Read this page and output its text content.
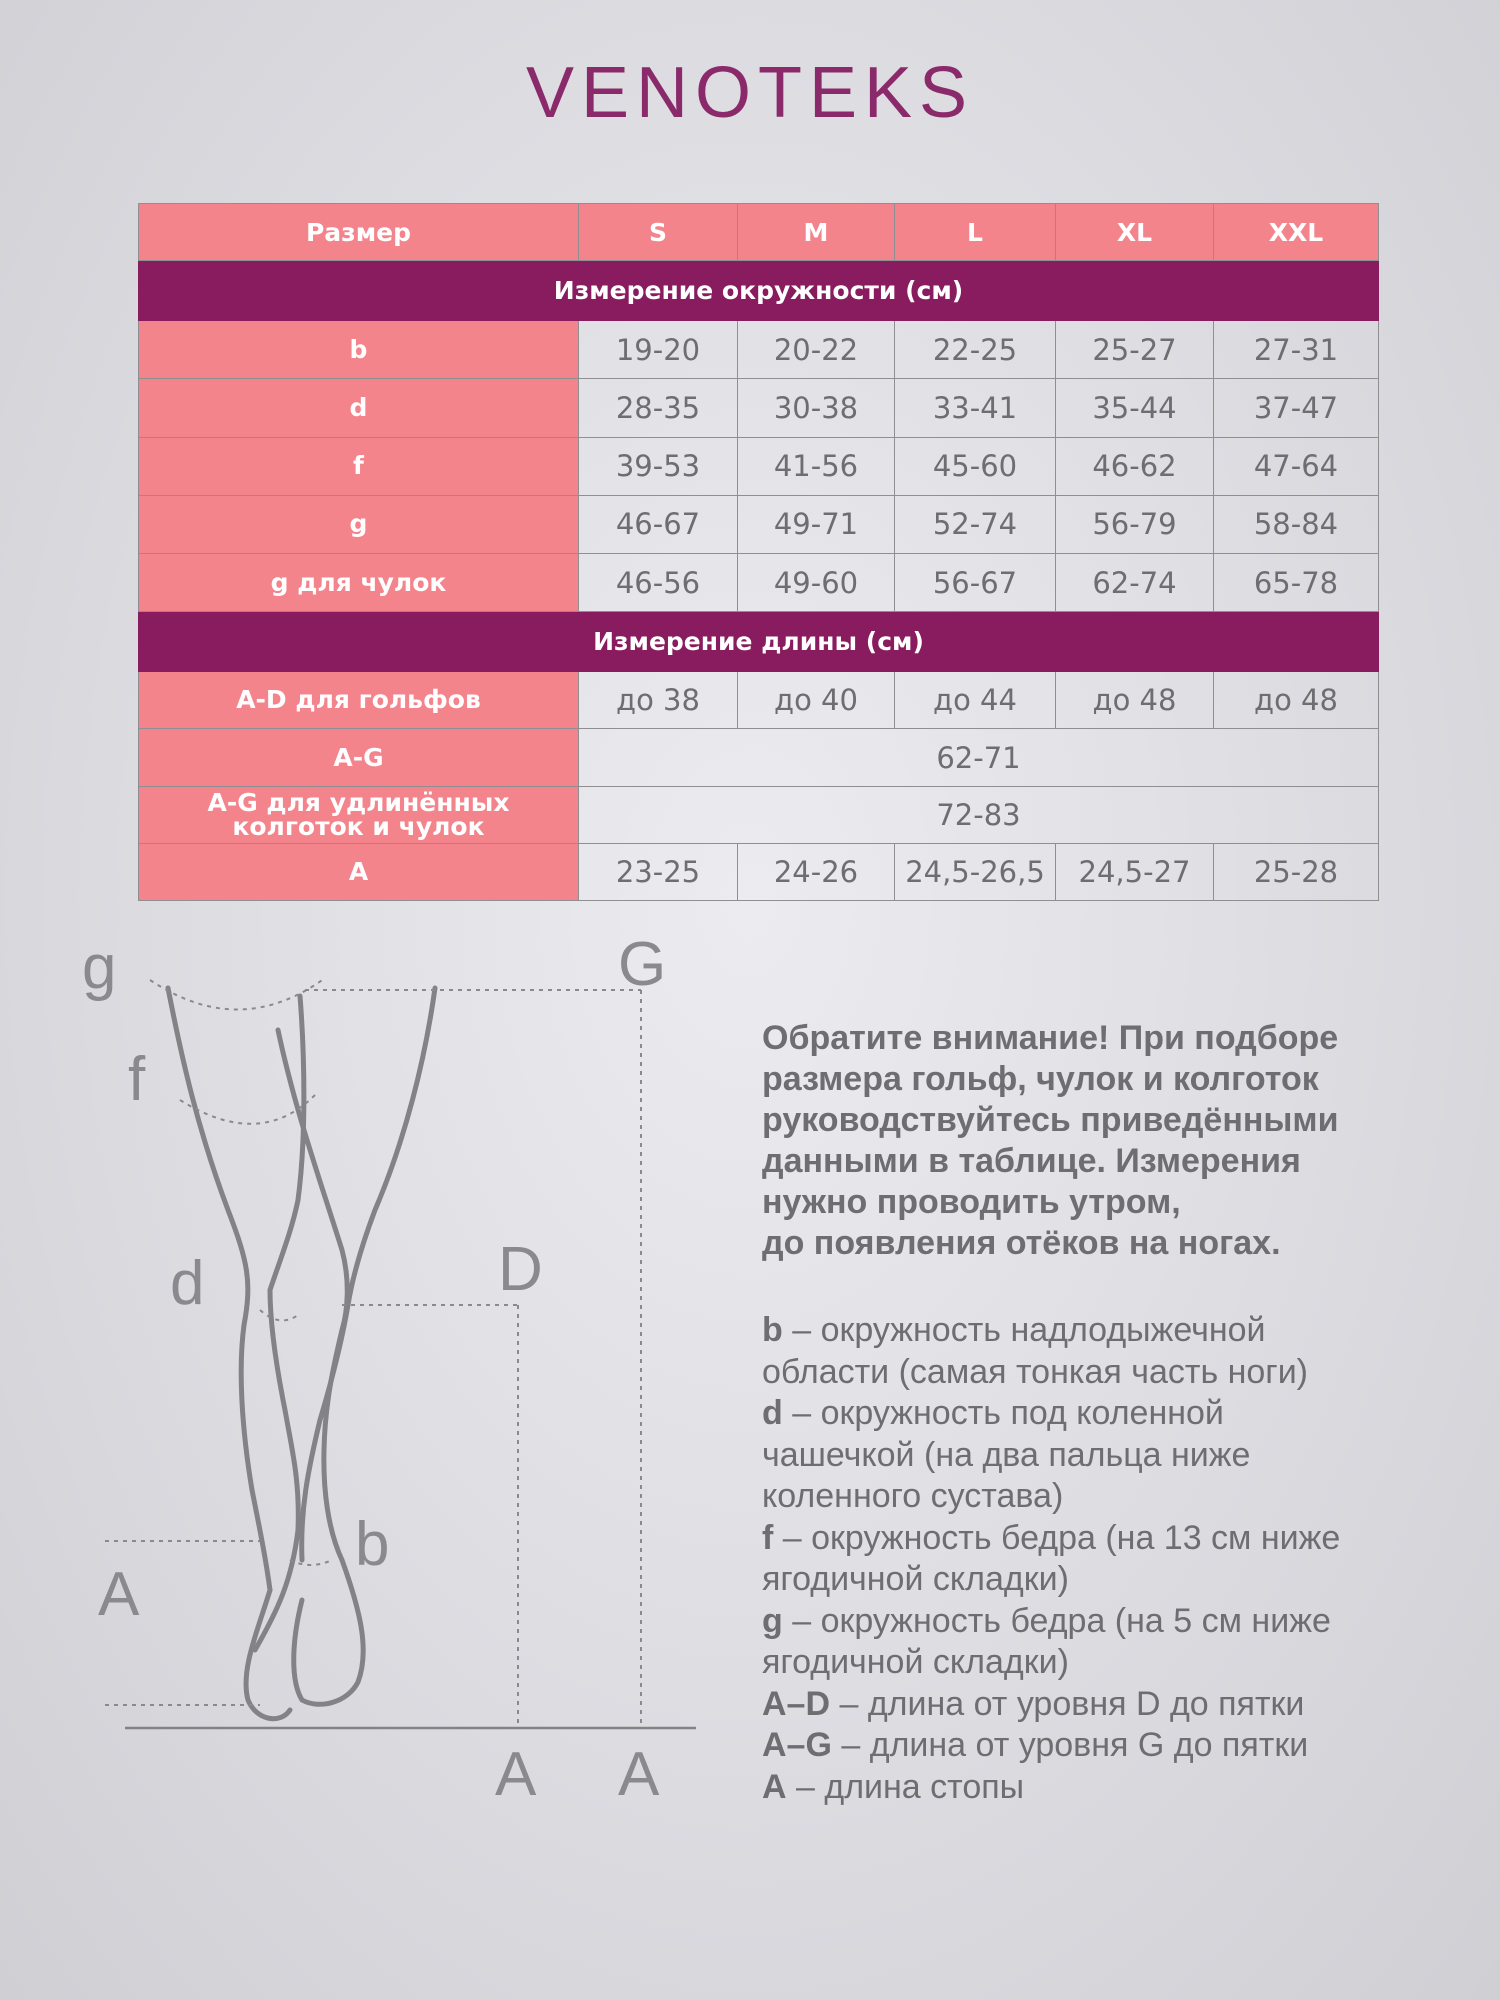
VENOTEKS
Размер	S	M	L	XL	XXL
Измерение окружности (см)					
b	19-20	20-22	22-25	25-27	27-31
d	28-35	30-38	33-41	35-44	37-47
f	39-53	41-56	45-60	46-62	47-64
g	46-67	49-71	52-74	56-79	58-84
g для чулок	46-56	49-60	56-67	62-74	65-78
Измерение длины (см)					
A-D для гольфов	до 38	до 40	до 44	до 48	до 48
A-G	62-71				

A-G для удлинённых
колготок и чулок	72-83				
A	23-25	24-26	24,5-26,5	24,5-27	25-28
g
f
d
b
A
D
G
A A

Обратите внимание! При подборе
размера гольф, чулок и колготок
руководствуйтесь приведёнными
данными в таблице. Измерения
нужно проводить утром,
до появления отёков на ногах.

b – окружность надлодыжечной
области (самая тонкая часть ноги)
d – окружность под коленной
чашечкой (на два пальца ниже
коленного сустава)
f – окружность бедра (на 13 см ниже
ягодичной складки)
g – окружность бедра (на 5 см ниже
ягодичной складки)
A–D – длина от уровня D до пятки
A–G – длина от уровня G до пятки
A – длина стопы
